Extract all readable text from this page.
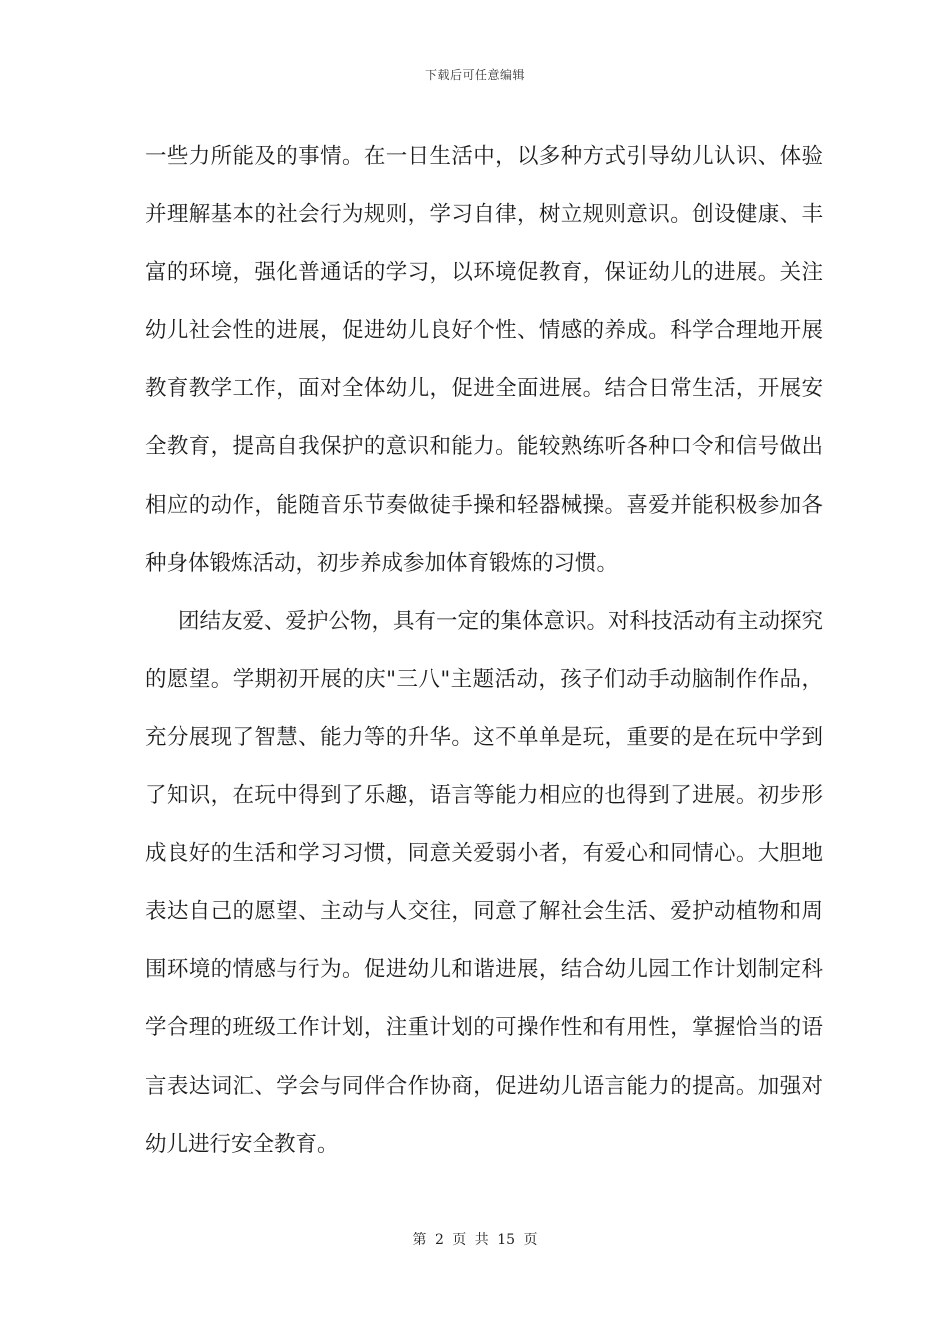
下载后可任意编辑

一些力所能及的事情。在一日生活中，以多种方式引导幼儿认识、体验并理解基本的社会行为规则，学习自律，树立规则意识。创设健康、丰富的环境，强化普通话的学习，以环境促教育，保证幼儿的进展。关注幼儿社会性的进展，促进幼儿良好个性、情感的养成。科学合理地开展教育教学工作，面对全体幼儿，促进全面进展。结合日常生活，开展安全教育，提高自我保护的意识和能力。能较熟练听各种口令和信号做出相应的动作，能随音乐节奏做徒手操和轻器械操。喜爱并能积极参加各种身体锻炼活动，初步养成参加体育锻炼的习惯。

团结友爱、爱护公物，具有一定的集体意识。对科技活动有主动探究的愿望。学期初开展的庆"三八"主题活动，孩子们动手动脑制作作品，充分展现了智慧、能力等的升华。这不单单是玩，重要的是在玩中学到了知识，在玩中得到了乐趣，语言等能力相应的也得到了进展。初步形成良好的生活和学习习惯，同意关爱弱小者，有爱心和同情心。大胆地表达自己的愿望、主动与人交往，同意了解社会生活、爱护动植物和周围环境的情感与行为。促进幼儿和谐进展，结合幼儿园工作计划制定科学合理的班级工作计划，注重计划的可操作性和有用性，掌握恰当的语言表达词汇、学会与同伴合作协商，促进幼儿语言能力的提高。加强对幼儿进行安全教育。

第 2 页 共 15 页
